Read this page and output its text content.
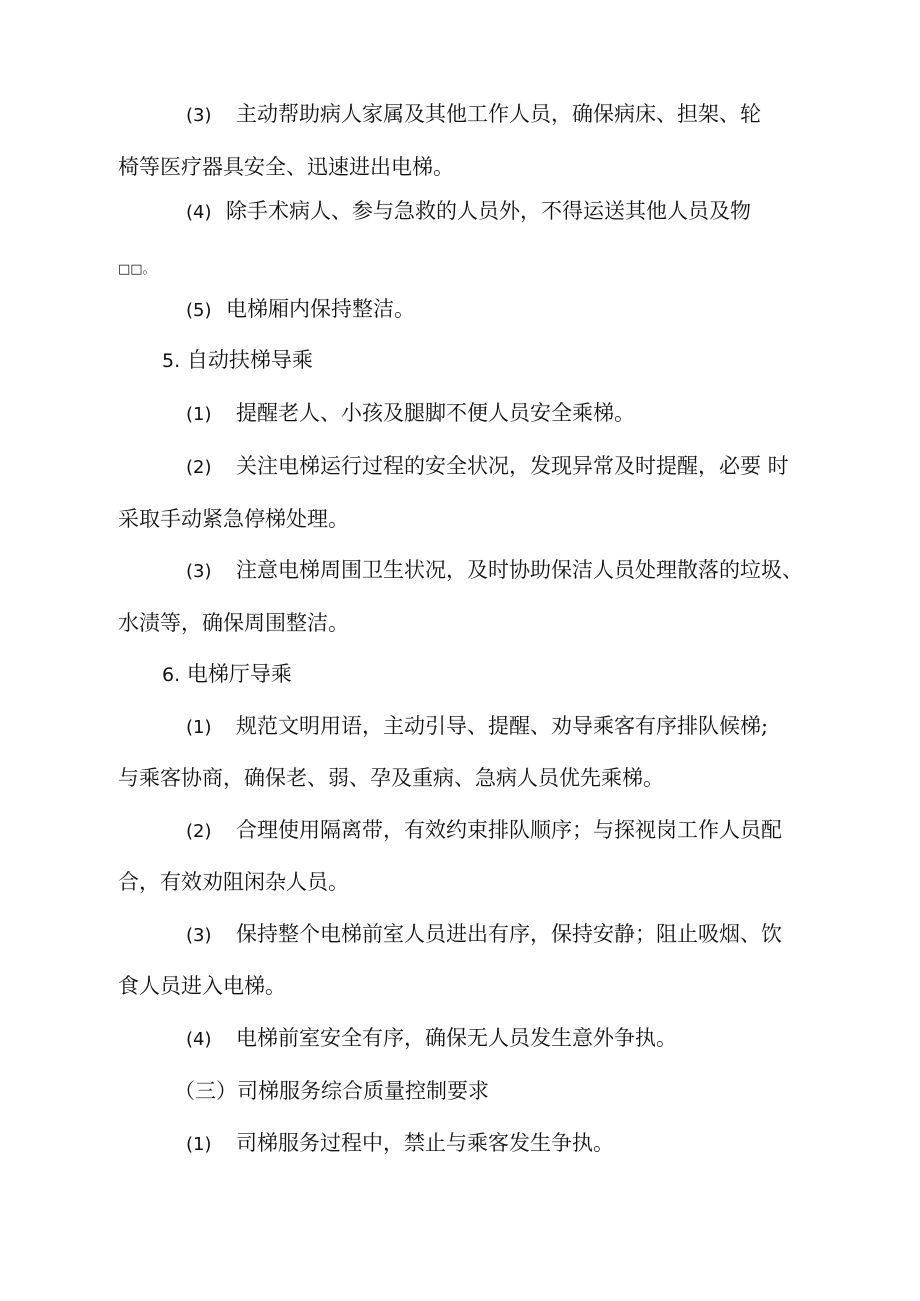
(3) 主动帮助病人家属及其他工作人员，确保病床、担架、轮
椅等医疗器具安全、迅速进出电梯。
(4) 除手术病人、参与急救的人员外，不得运送其他人员及物
□□。
(5) 电梯厢内保持整洁。
5. 自动扶梯导乘
(1) 提醒老人、小孩及腿脚不便人员安全乘梯。
(2) 关注电梯运行过程的安全状况，发现异常及时提醒，必要 时
采取手动紧急停梯处理。
(3) 注意电梯周围卫生状况，及时协助保洁人员处理散落的垃圾、
水渍等，确保周围整洁。
6. 电梯厅导乘
(1) 规范文明用语，主动引导、提醒、劝导乘客有序排队候梯;
与乘客协商，确保老、弱、孕及重病、急病人员优先乘梯。
(2) 合理使用隔离带，有效约束排队顺序；与探视岗工作人员配
合，有效劝阻闲杂人员。
(3) 保持整个电梯前室人员进出有序，保持安静；阻止吸烟、饮
食人员进入电梯。
(4) 电梯前室安全有序，确保无人员发生意外争执。
（三）司梯服务综合质量控制要求
(1) 司梯服务过程中，禁止与乘客发生争执。
